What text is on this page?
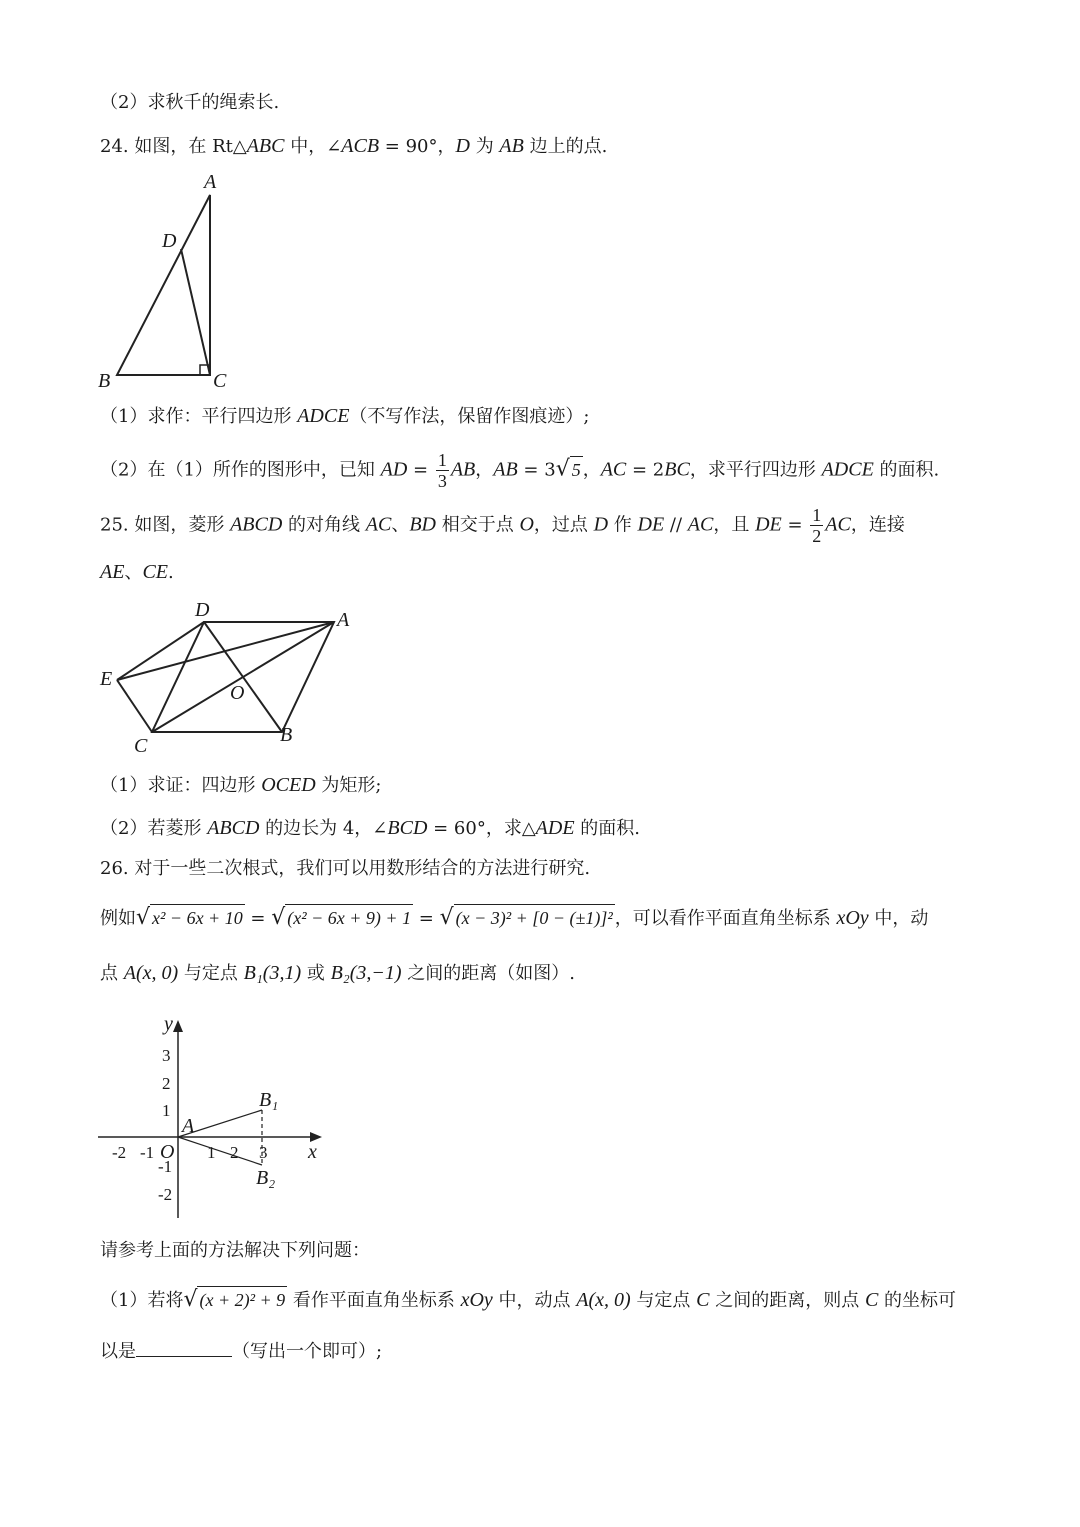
（2）求秋千的绳索长.
24. 如图，在 Rt△ABC 中，∠ACB = 90°，D 为 AB 边上的点.
A
D
B	C
（1）求作：平行四边形 ADCE（不写作法，保留作图痕迹）;
（2）在（1）所作的图形中，已知 AD = $\frac{1}{3}$ AB，AB = 3√ 5 ，AC = 2BC，求平行四边形 ADCE 的面积.
25. 如图，菱形 ABCD 的对角线 AC、BD 相交于点 O，过点 D 作 DE // AC，且 DE = $\frac{1}{2}$ AC，连接
AE、CE.
D	A
E
O
C	B
（1）求证：四边形 OCED 为矩形;
（2）若菱形 ABCD 的边长为 4，∠BCD = 60°，求△ADE 的面积.
26. 对于一些二次根式，我们可以用数形结合的方法进行研究.
例如√ x² − 6x + 10 = √ (x² − 6x + 9) + 1 = √ (x − 3)² + [0 − (±1)]² ，可以看作平面直角坐标系 xOy 中，动
点 A(x, 0) 与定点 B₁(3,1) 或 B₂(3,−1) 之间的距离（如图）.
y
x
O
A
B₁
B₂
3
2
1
-1
-2
-2 -1	1 2 3
请参考上面的方法解决下列问题：
（1）若将√ (x + 2)² + 9 看作平面直角坐标系 xOy 中，动点 A(x, 0) 与定点 C 之间的距离，则点 C 的坐标可
以是	（写出一个即可）;
